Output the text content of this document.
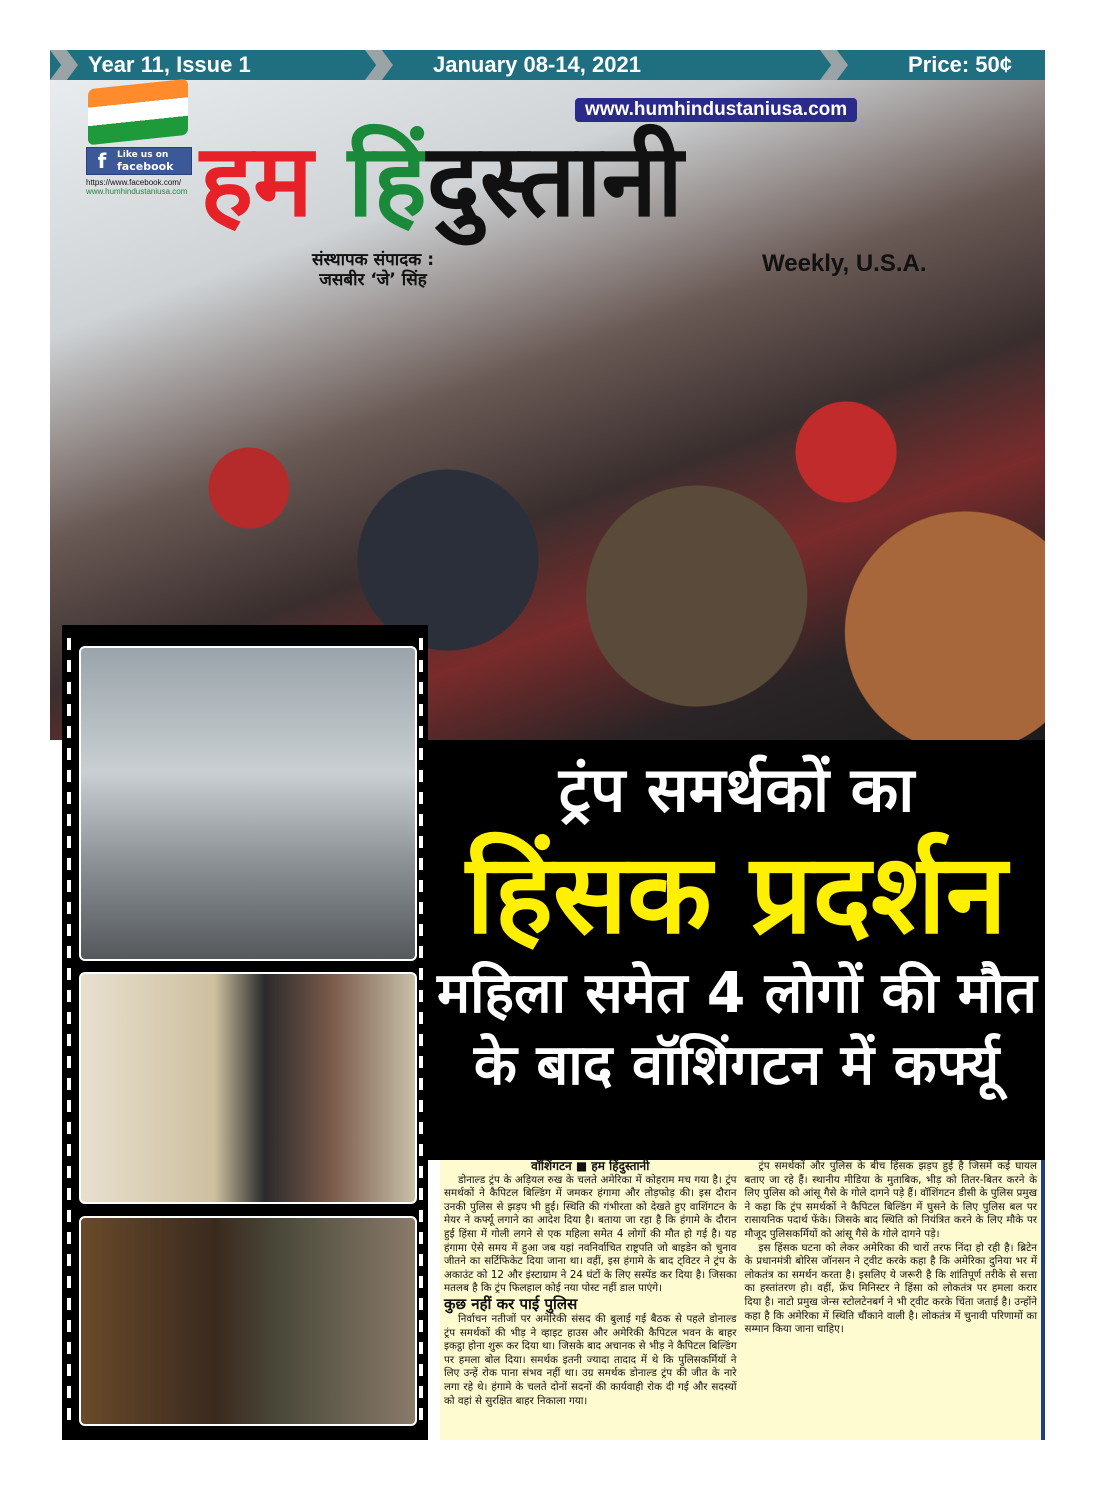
Year 11, Issue 1	January 08-14, 2021	Price: 50¢
f	Like us on
facebook
https://www.facebook.com/
www.humhindustaniusa.com
www.humhindustaniusa.com
हम हिंदुस्तानी
संस्थापक संपादक :
जसबीर ‘जे’ सिंह
Weekly, U.S.A.
ट्रंप समर्थकों का
हिंसक प्रदर्शन
महिला समेत 4 लोगों की मौत
के बाद वॉशिंगटन में कर्फ्यू
वॉशिंगटन ■ हम हिंदुस्तानी

डोनाल्ड ट्रंप के अड़ियल रुख के चलते अमेरिका में कोहराम मच गया है। ट्रंप समर्थकों ने कैपिटल बिल्डिंग में जमकर हंगामा और तोड़फोड़ की। इस दौरान उनकी पुलिस से झड़प भी हुई। स्थिति की गंभीरता को देखते हुए वाशिंगटन के मेयर ने कर्फ्यू लगाने का आदेश दिया है। बताया जा रहा है कि हंगामे के दौरान हुई हिंसा में गोली लगने से एक महिला समेत 4 लोगों की मौत हो गई है। यह हंगामा ऐसे समय में हुआ जब यहां नवनिर्वाचित राष्ट्रपति जो बाइडेन को चुनाव जीतने का सर्टिफिकेट दिया जाना था। वहीं, इस हंगामे के बाद ट्विटर ने ट्रंप के अकाउंट को 12 और इंस्टाग्राम ने 24 घंटों के लिए सस्पेंड कर दिया है। जिसका मतलब है कि ट्रंप फिलहाल कोई नया पोस्ट नहीं डाल पाएंगे।

कुछ नहीं कर पाई पुलिस

निर्वाचन नतीजों पर अमेरिकी संसद की बुलाई गई बैठक से पहले डोनाल्ड ट्रंप समर्थकों की भीड़ ने व्हाइट हाउस और अमेरिकी कैपिटल भवन के बाहर इकट्ठा होना शुरू कर दिया था। जिसके बाद अचानक से भीड़ ने कैपिटल बिल्डिंग पर हमला बोल दिया। समर्थक इतनी ज्यादा तादाद में थे कि पुलिसकर्मियों ने लिए उन्हें रोक पाना संभव नहीं था। उग्र समर्थक डोनाल्ड ट्रंप की जीत के नारे लगा रहे थे। हंगामे के चलते दोनों सदनों की कार्यवाही रोक दी गई और सदस्यों को वहां से सुरक्षित बाहर निकाला गया।

ट्रंप समर्थकों और पुलिस के बीच हिंसक झड़प हुई है जिसमें कई घायल बताए जा रहे हैं। स्थानीय मीडिया के मुताबिक, भीड़ को तितर-बितर करने के लिए पुलिस को आंसू गैसे के गोले दागने पड़े हैं। वॉशिंगटन डीसी के पुलिस प्रमुख ने कहा कि ट्रंप समर्थकों ने कैपिटल बिल्डिंग में घुसने के लिए पुलिस बल पर रासायनिक पदार्थ फेंके। जिसके बाद स्थिति को नियंत्रित करने के लिए मौके पर मौजूद पुलिसकर्मियों को आंसू गैसे के गोले दागने पड़े।

इस हिंसक घटना को लेकर अमेरिका की चारों तरफ निंदा हो रही है। ब्रिटेन के प्रधानमंत्री बोरिस जॉनसन ने ट्वीट करके कहा है कि अमेरिका दुनिया भर में लोकतंत्र का समर्थन करता है। इसलिए ये जरूरी है कि शांतिपूर्ण तरीके से सत्ता का हस्तांतरण हो। वहीं, फ्रेंच मिनिस्टर ने हिंसा को लोकतंत्र पर हमला करार दिया है। नाटो प्रमुख जेन्स स्टोलटेनबर्ग ने भी ट्वीट करके चिंता जताई है। उन्होंने कहा है कि अमेरिका में स्थिति चौंकाने वाली है। लोकतंत्र में चुनावी परिणामों का सम्मान किया जाना चाहिए।
